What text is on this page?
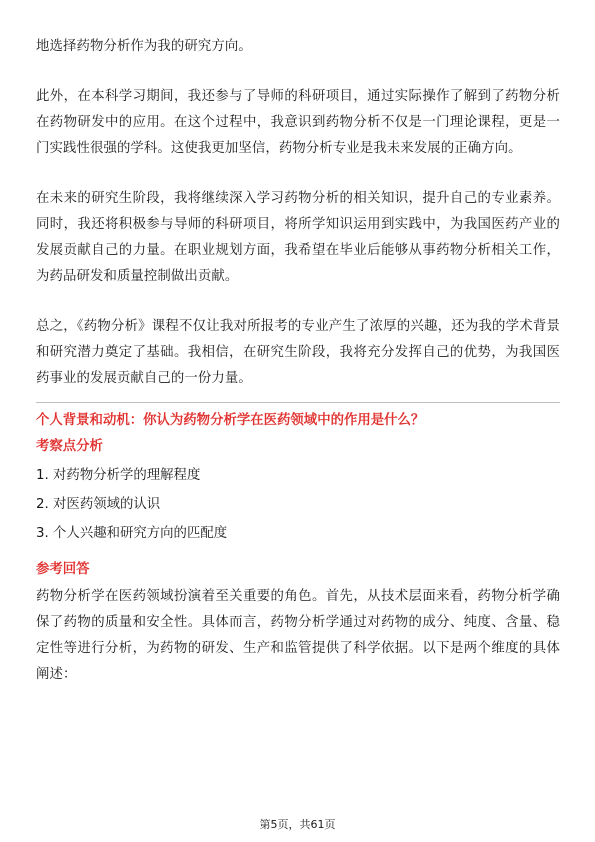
地选择药物分析作为我的研究方向。

此外，在本科学习期间，我还参与了导师的科研项目，通过实际操作了解到了药物分析在药物研发中的应用。在这个过程中，我意识到药物分析不仅是一门理论课程，更是一门实践性很强的学科。这使我更加坚信，药物分析专业是我未来发展的正确方向。

在未来的研究生阶段，我将继续深入学习药物分析的相关知识，提升自己的专业素养。同时，我还将积极参与导师的科研项目，将所学知识运用到实践中，为我国医药产业的发展贡献自己的力量。在职业规划方面，我希望在毕业后能够从事药物分析相关工作，为药品研发和质量控制做出贡献。

总之，《药物分析》课程不仅让我对所报考的专业产生了浓厚的兴趣，还为我的学术背景和研究潜力奠定了基础。我相信，在研究生阶段，我将充分发挥自己的优势，为我国医药事业的发展贡献自己的一份力量。

个人背景和动机：你认为药物分析学在医药领域中的作用是什么？

考察点分析

1. 对药物分析学的理解程度

2. 对医药领域的认识

3. 个人兴趣和研究方向的匹配度

参考回答

药物分析学在医药领域扮演着至关重要的角色。首先，从技术层面来看，药物分析学确保了药物的质量和安全性。具体而言，药物分析学通过对药物的成分、纯度、含量、稳定性等进行分析，为药物的研发、生产和监管提供了科学依据。以下是两个维度的具体阐述：

第5页，共61页
